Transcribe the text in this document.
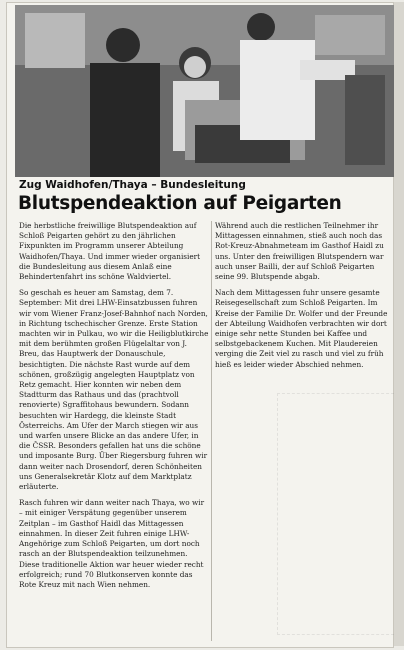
Zug Waidhofen/Thaya – Bundesleitung
Blutspendeaktion auf Peigarten

Die herbstliche freiwillige Blutspendeaktion auf Schloß Peigarten gehört zu den jährlichen Fixpunkten im Programm unserer Abteilung Waidhofen/Thaya. Und immer wieder organisiert die Bundesleitung aus diesem Anlaß eine Behindertenfahrt ins schöne Waldviertel.

So geschah es heuer am Samstag, dem 7. September: Mit drei LHW-Einsatzbussen fuhren wir vom Wiener Franz-Josef-Bahnhof nach Norden, in Richtung tschechischer Grenze. Erste Station machten wir in Pulkau, wo wir die Heiligblutkirche mit dem berühmten großen Flügelaltar von J. Breu, das Hauptwerk der Donauschule, besichtigten. Die nächste Rast wurde auf dem schönen, großzügig angelegten Hauptplatz von Retz gemacht. Hier konnten wir neben dem Stadtturm das Rathaus und das (prachtvoll renovierte) Sgraffitohaus bewundern. Sodann besuchten wir Hardegg, die kleinste Stadt Österreichs. Am Ufer der March stiegen wir aus und warfen unsere Blicke an das andere Ufer, in die ČSSR. Besonders gefallen hat uns die schöne und imposante Burg. Über Riegersburg fuhren wir dann weiter nach Drosendorf, deren Schönheiten uns Generalsekretär Klotz auf dem Marktplatz erläuterte.

Rasch fuhren wir dann weiter nach Thaya, wo wir – mit einiger Verspätung gegenüber unserem Zeitplan – im Gasthof Haidl das Mittagessen einnahmen. In dieser Zeit fuhren einige LHW-Angehörige zum Schloß Peigarten, um dort noch rasch an der Blutspendeaktion teilzunehmen. Diese traditionelle Aktion war heuer wieder recht erfolgreich; rund 70 Blutkonserven konnte das Rote Kreuz mit nach Wien nehmen.

Während auch die restlichen Teilnehmer ihr Mittagessen einnahmen, stieß auch noch das Rot-Kreuz-Abnahmeteam im Gasthof Haidl zu uns. Unter den freiwilligen Blutspendern war auch unser Bailli, der auf Schloß Peigarten seine 99. Blutspende abgab.

Nach dem Mittagessen fuhr unsere gesamte Reisegesellschaft zum Schloß Peigarten. Im Kreise der Familie Dr. Wolfer und der Freunde der Abteilung Waidhofen verbrachten wir dort einige sehr nette Stunden bei Kaffee und selbstgebackenem Kuchen. Mit Plaudereien verging die Zeit viel zu rasch und viel zu früh hieß es leider wieder Abschied nehmen.
